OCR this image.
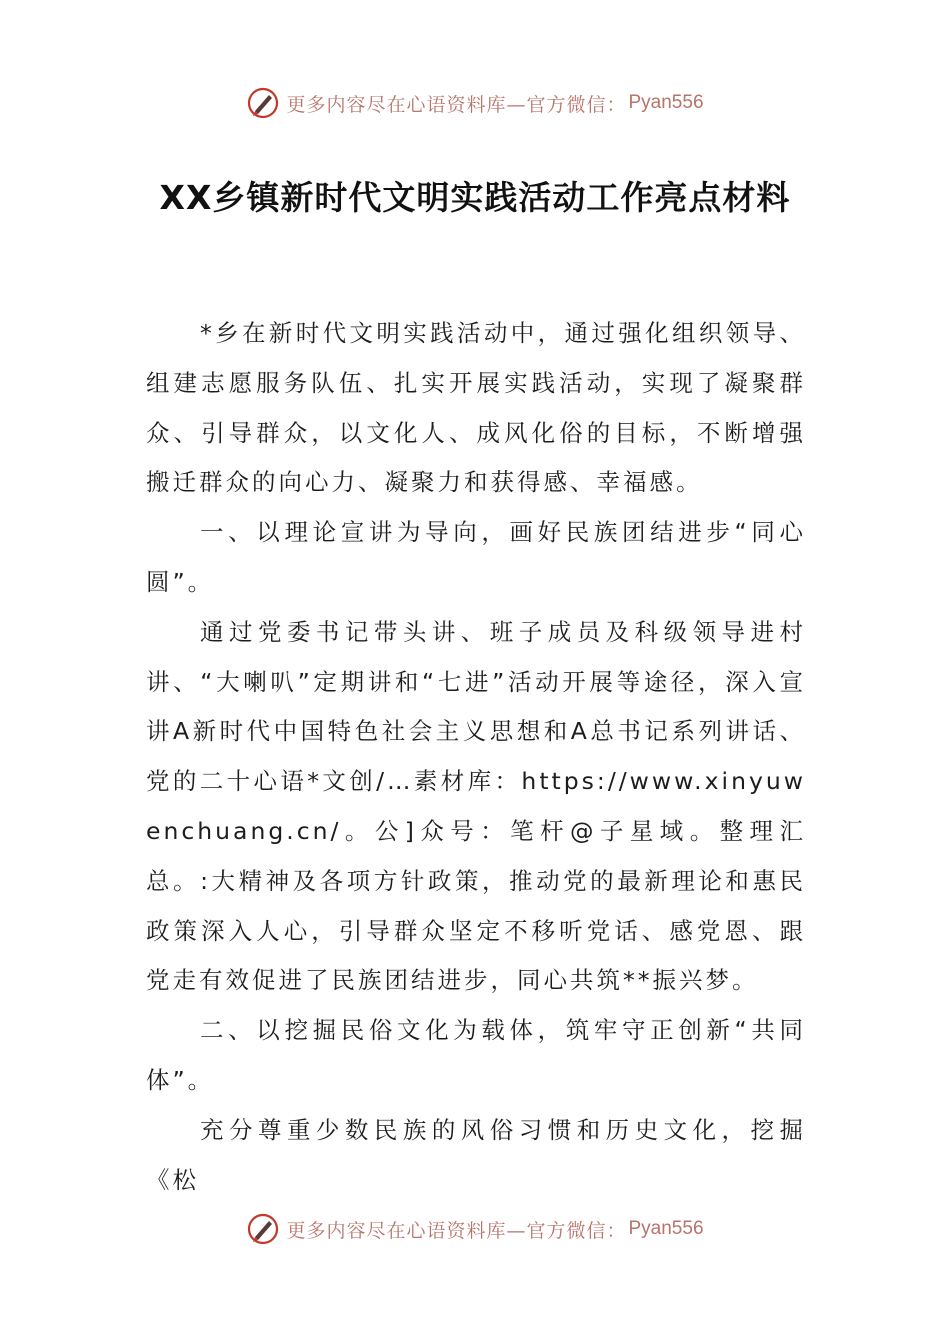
更多内容尽在心语资料库—官方微信： Pyan556
XX乡镇新时代文明实践活动工作亮点材料

*乡在新时代文明实践活动中，通过强化组织领导、组建志愿服务队伍、扎实开展实践活动，实现了凝聚群众、引导群众，以文化人、成风化俗的目标，不断增强搬迁群众的向心力、凝聚力和获得感、幸福感。

一、以理论宣讲为导向，画好民族团结进步“同心圆”。

通过党委书记带头讲、班子成员及科级领导进村讲、“大喇叭”定期讲和“七进”活动开展等途径，深入宣讲A新时代中国特色社会主义思想和A总书记系列讲话、党的二十心语*文创/…素材库：https://www.xinyuwenchuang.cn/。公]众号：笔杆@子星域。整理汇总。:大精神及各项方针政策，推动党的最新理论和惠民政策深入人心，引导群众坚定不移听党话、感党恩、跟党走有效促进了民族团结进步，同心共筑**振兴梦。

二、以挖掘民俗文化为载体，筑牢守正创新“共同体”。

充分尊重少数民族的风俗习惯和历史文化，挖掘《松

更多内容尽在心语资料库—官方微信： Pyan556
